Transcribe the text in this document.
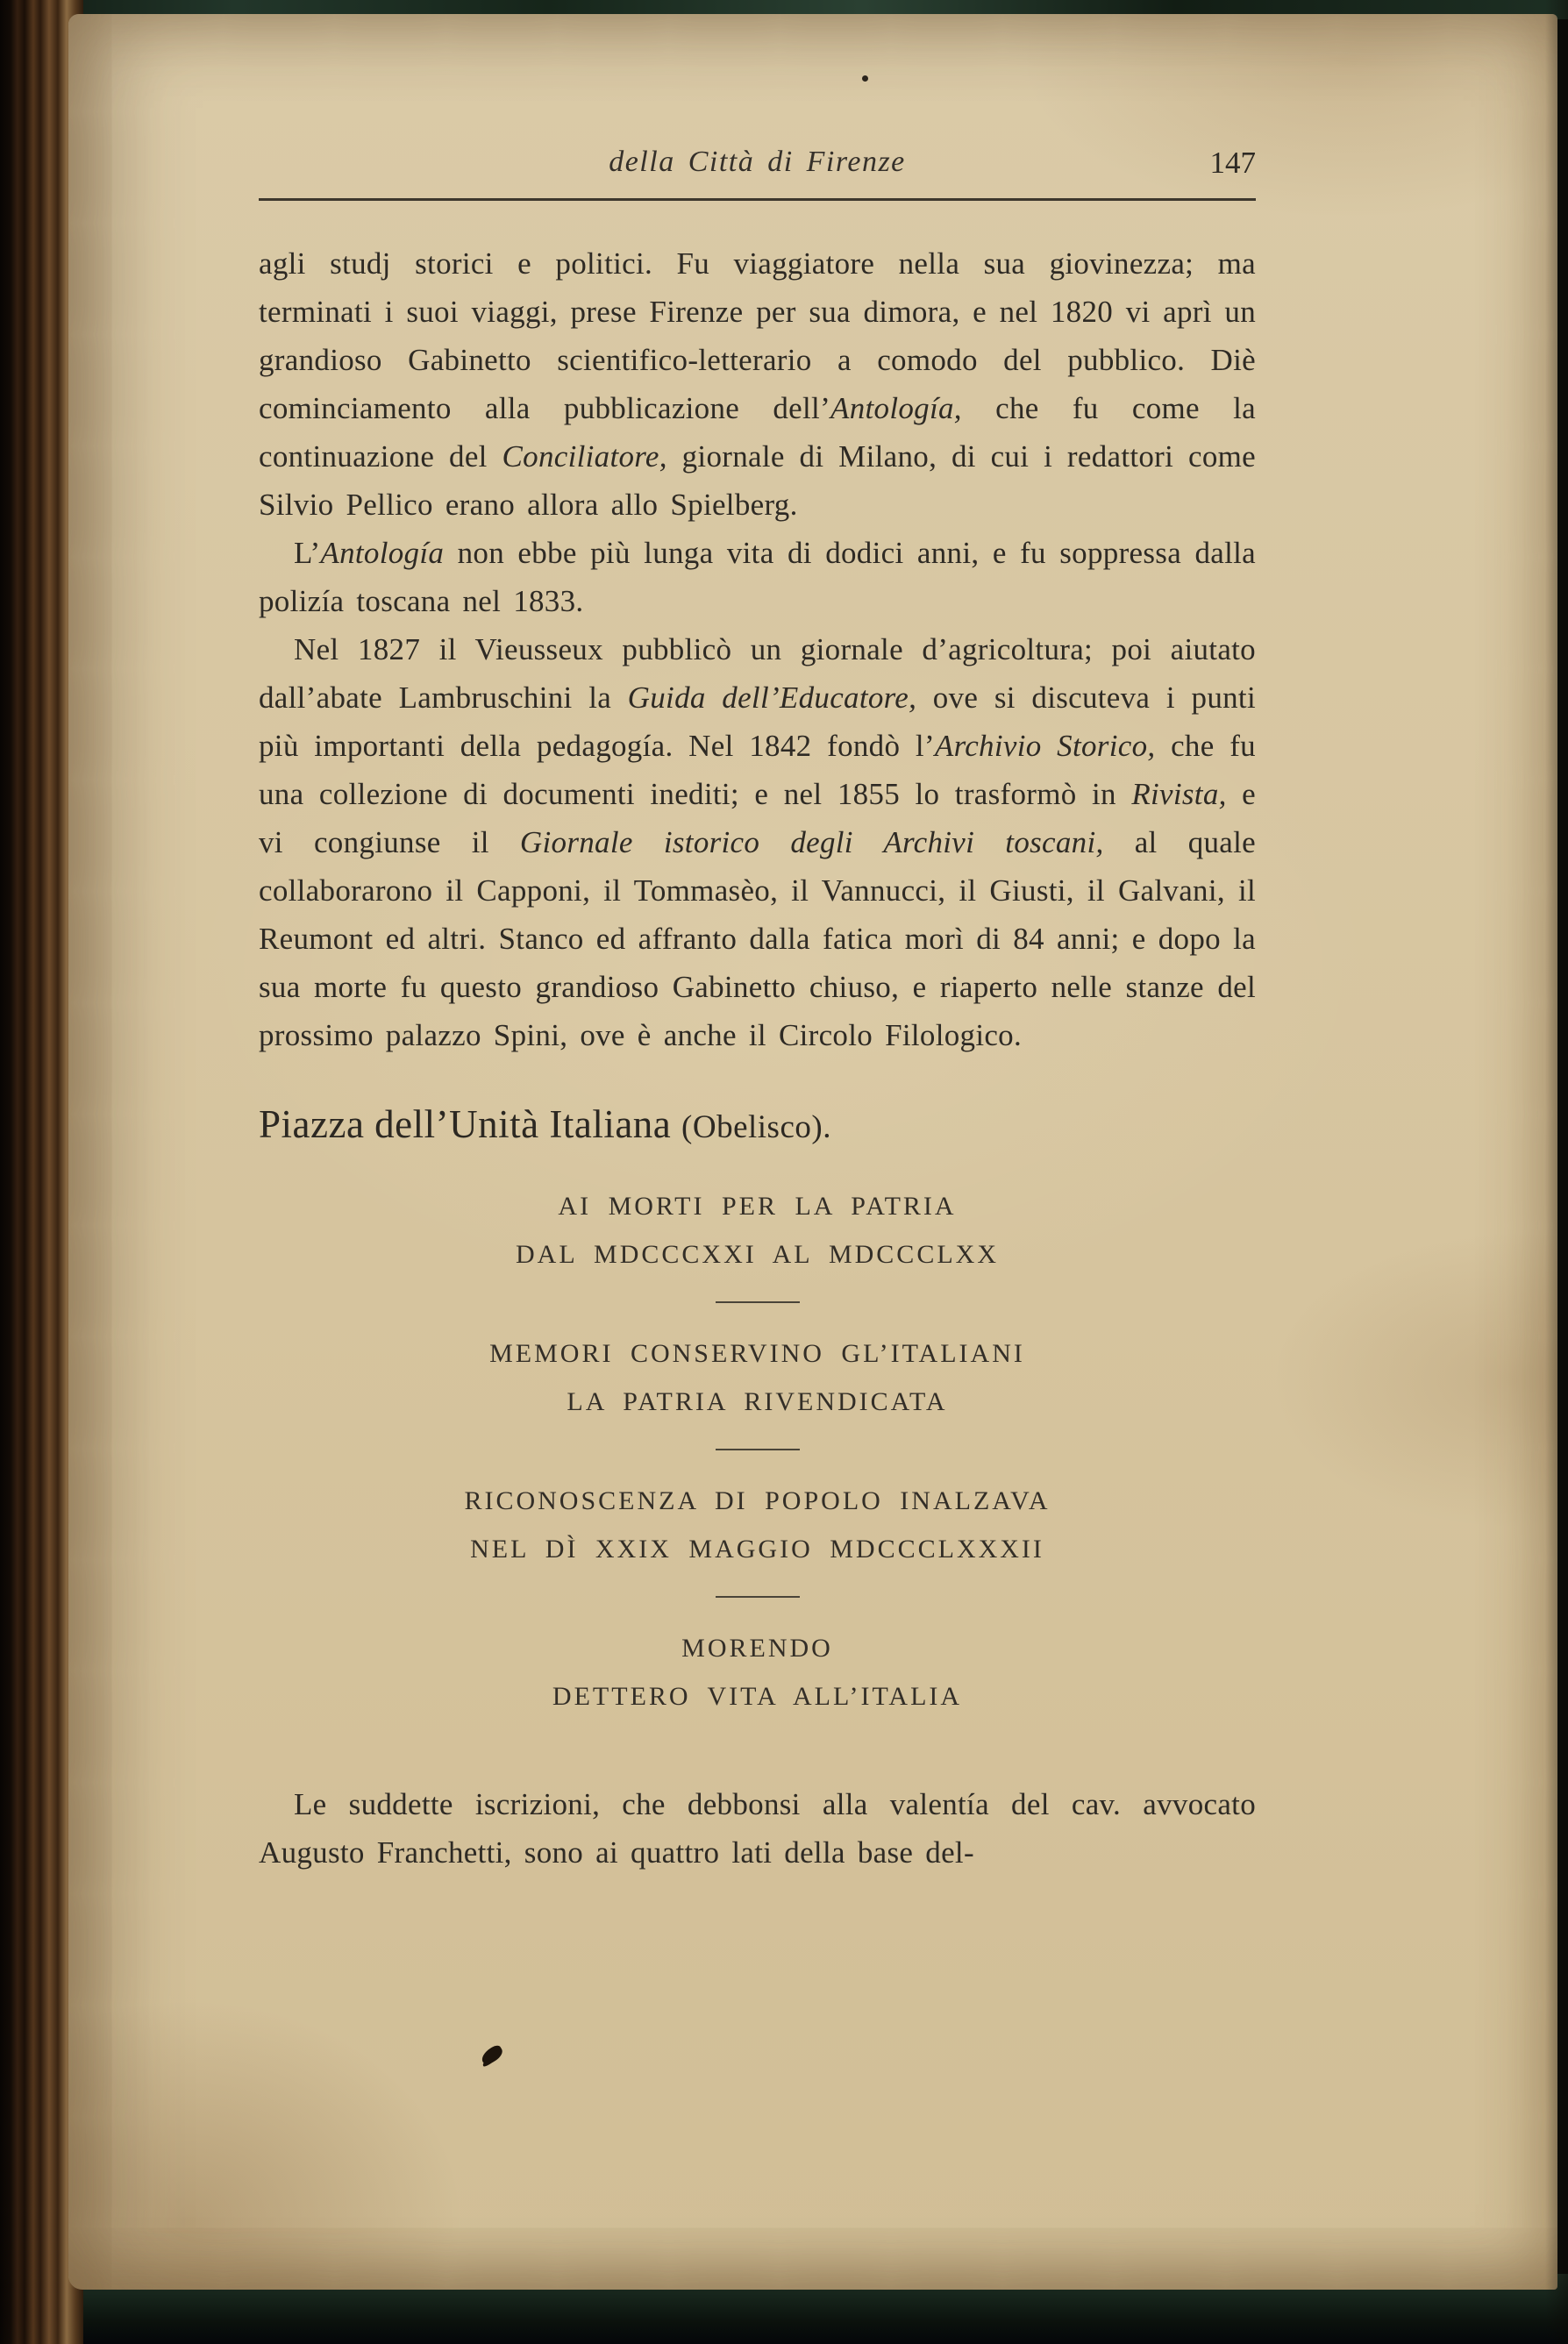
della Città di Firenze	147

agli studj storici e politici. Fu viaggiatore nella sua giovinezza; ma terminati i suoi viaggi, prese Firenze per sua dimora, e nel 1820 vi aprì un grandioso Gabinetto scientifico-letterario a comodo del pubblico. Diè cominciamento alla pubblicazione dell’Antología, che fu come la continuazione del Conciliatore, giornale di Milano, di cui i redattori come Silvio Pellico erano allora allo Spielberg.

L’Antología non ebbe più lunga vita di dodici anni, e fu soppressa dalla polizía toscana nel 1833.

Nel 1827 il Vieusseux pubblicò un giornale d’agricoltura; poi aiutato dall’abate Lambruschini la Guida dell’Educatore, ove si discuteva i punti più importanti della pedagogía. Nel 1842 fondò l’Archivio Storico, che fu una collezione di documenti inediti; e nel 1855 lo trasformò in Rivista, e vi congiunse il Giornale istorico degli Archivi toscani, al quale collaborarono il Capponi, il Tommasèo, il Vannucci, il Giusti, il Galvani, il Reumont ed altri. Stanco ed affranto dalla fatica morì di 84 anni; e dopo la sua morte fu questo grandioso Gabinetto chiuso, e riaperto nelle stanze del prossimo palazzo Spini, ove è anche il Circolo Filologico.

Piazza dell’Unità Italiana (Obelisco).
AI MORTI PER LA PATRIA
DAL MDCCCXXI AL MDCCCLXX
MEMORI CONSERVINO GL’ITALIANI
LA PATRIA RIVENDICATA
RICONOSCENZA DI POPOLO INALZAVA
NEL DÌ XXIX MAGGIO MDCCCLXXXII
MORENDO
DETTERO VITA ALL’ITALIA

Le suddette iscrizioni, che debbonsi alla valentía del cav. avvocato Augusto Franchetti, sono ai quattro lati della base del-
